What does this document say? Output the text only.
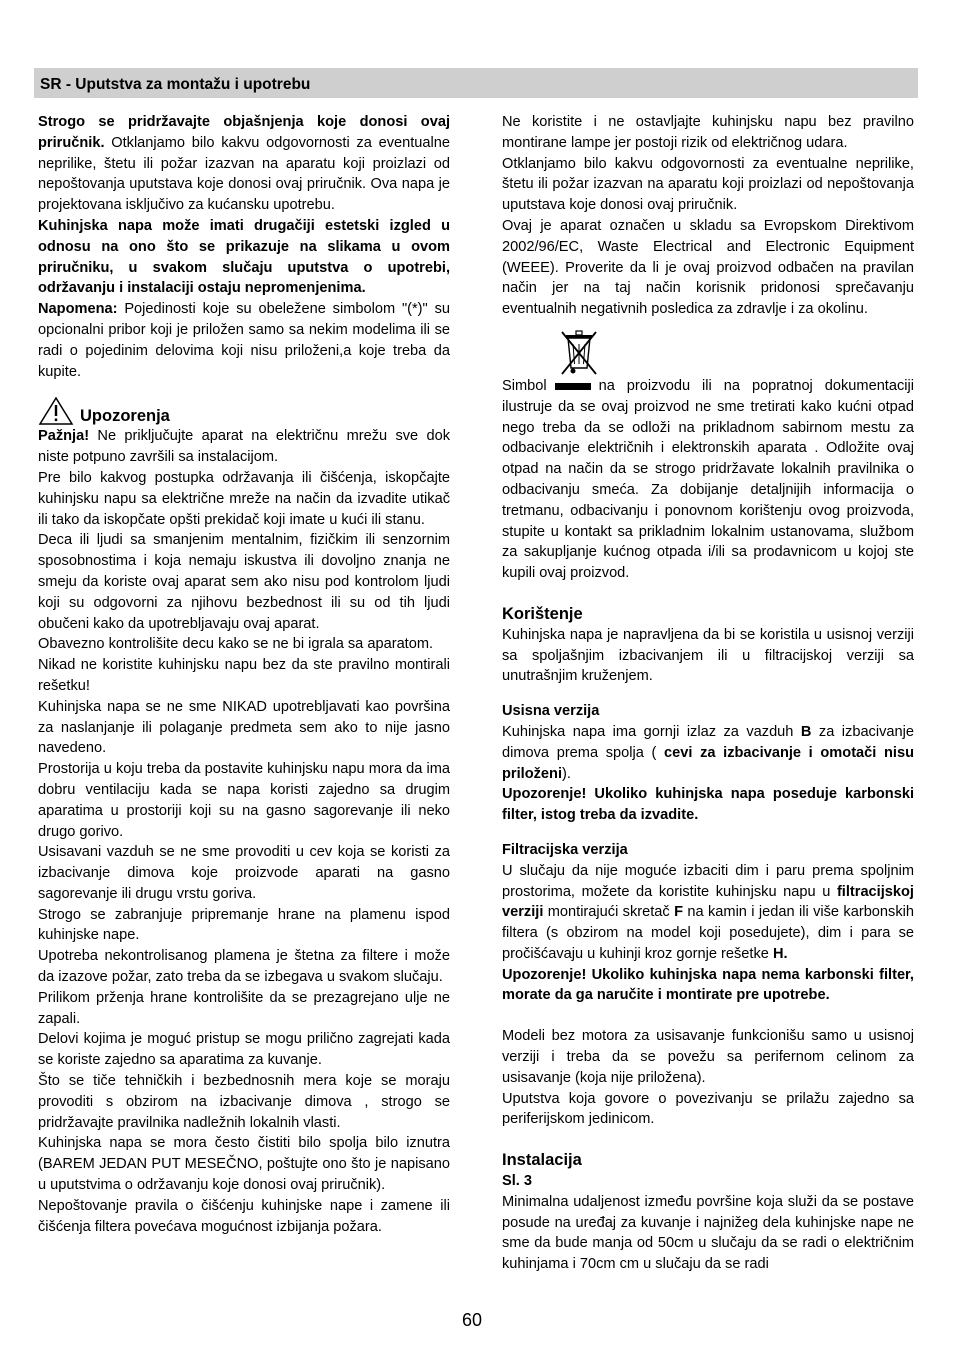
SR - Uputstva za montažu i upotrebu

Strogo se pridržavajte objašnjenja koje donosi ovaj priručnik. Otklanjamo bilo kakvu odgovornosti za eventualne neprilike, štetu ili požar izazvan na aparatu koji proizlazi od nepoštovanja uputstava koje donosi ovaj priručnik. Ova napa je projektovana isključivo za kućansku upotrebu.

Kuhinjska napa može imati drugačiji estetski izgled u odnosu na ono što se prikazuje na slikama u ovom priručniku, u svakom slučaju uputstva o upotrebi, održavanju i instalaciji ostaju nepromenjenima.

Napomena: Pojedinosti koje su obeležene simbolom "(*)" su opcionalni pribor koji je priložen samo sa nekim modelima ili se radi o pojedinim delovima koji nisu priloženi,a koje treba da kupite.

Upozorenja

Pažnja! Ne priključujte aparat na električnu mrežu sve dok niste potpuno završili sa instalacijom.

Pre bilo kakvog postupka održavanja ili čišćenja, iskopčajte kuhinjsku napu sa električne mreže na način da izvadite utikač ili tako da iskopčate opšti prekidač koji imate u kući ili stanu.

Deca ili ljudi sa smanjenim mentalnim, fizičkim ili senzornim sposobnostima i koja nemaju iskustva ili dovoljno znanja ne smeju da koriste ovaj aparat sem ako nisu pod kontrolom ljudi koji su odgovorni za njihovu bezbednost ili su od tih ljudi obučeni kako da upotrebljavaju ovaj aparat.

Obavezno kontrolišite decu kako se ne bi igrala sa aparatom.

Nikad ne koristite kuhinjsku napu bez da ste pravilno montirali rešetku!

Kuhinjska napa se ne sme NIKAD upotrebljavati kao površina za naslanjanje ili polaganje predmeta sem ako to nije jasno navedeno.

Prostorija u koju treba da postavite kuhinjsku napu mora da ima dobru ventilaciju kada se napa koristi zajedno sa drugim aparatima u prostoriji koji su na gasno sagorevanje ili neko drugo gorivo.

Usisavani vazduh se ne sme provoditi u cev koja se koristi za izbacivanje dimova koje proizvode aparati na gasno sagorevanje ili drugu vrstu goriva.

Strogo se zabranjuje pripremanje hrane na plamenu ispod kuhinjske nape.

Upotreba nekontrolisanog plamena je štetna za filtere i može da izazove požar, zato treba da se izbegava u svakom slučaju.

Prilikom prženja hrane kontrolišite da se prezagrejano ulje ne zapali.

Delovi kojima je moguć pristup se mogu prilično zagrejati kada se koriste zajedno sa aparatima za kuvanje.

Što se tiče tehničkih i bezbednosnih mera koje se moraju provoditi s obzirom na izbacivanje dimova , strogo se pridržavajte pravilnika nadležnih lokalnih vlasti.

Kuhinjska napa se mora često čistiti bilo spolja bilo iznutra (BAREM JEDAN PUT MESEČNO, poštujte ono što je napisano u uputstvima o održavanju koje donosi ovaj priručnik).

Nepoštovanje pravila o čišćenju kuhinjske nape i zamene ili čišćenja filtera povećava mogućnost izbijanja požara.

Ne koristite i ne ostavljajte kuhinjsku napu bez pravilno montirane lampe jer postoji rizik od električnog udara.

Otklanjamo bilo kakvu odgovornosti za eventualne neprilike, štetu ili požar izazvan na aparatu koji proizlazi od nepoštovanja uputstava koje donosi ovaj priručnik.

Ovaj je aparat označen u skladu sa Evropskom Direktivom 2002/96/EC, Waste Electrical and Electronic Equipment (WEEE). Proverite da li je ovaj proizvod odbačen na pravilan način jer na taj način korisnik pridonosi sprečavanju eventualnih negativnih posledica za zdravlje i za okolinu.

Simbol	na proizvodu ili na popratnoj dokumentaciji ilustruje da se ovaj proizvod ne sme tretirati kako kućni otpad nego treba da se odloži na prikladnom sabirnom mestu za odbacivanje električnih i elektronskih aparata . Odložite ovaj otpad na način da se strogo pridržavate lokalnih pravilnika o odbacivanju smeća. Za dobijanje detaljnijih informacija o tretmanu, odbacivanju i ponovnom korištenju ovog proizvoda, stupite u kontakt sa prikladnim lokalnim ustanovama, službom za sakupljanje kućnog otpada i/ili sa prodavnicom u kojoj ste kupili ovaj proizvod.

Korištenje

Kuhinjska napa je napravljena da bi se koristila u usisnoj verziji sa spoljašnjim izbacivanjem ili u filtracijskoj verziji sa unutrašnjim kruženjem.

Usisna verzija

Kuhinjska napa ima gornji izlaz za vazduh B za izbacivanje dimova prema spolja ( cevi za izbacivanje i omotači nisu priloženi).

Upozorenje! Ukoliko kuhinjska napa poseduje karbonski filter, istog treba da izvadite.

Filtracijska verzija

U slučaju da nije moguće izbaciti dim i paru prema spoljnim prostorima, možete da koristite kuhinjsku napu u filtracijskoj verziji montirajući skretač F na kamin i jedan ili više karbonskih filtera (s obzirom na model koji posedujete), dim i para se pročišćavaju u kuhinji kroz gornje rešetke H.

Upozorenje! Ukoliko kuhinjska napa nema karbonski filter, morate da ga naručite i montirate pre upotrebe.

Modeli bez motora za usisavanje funkcionišu samo u usisnoj verziji i treba da se povežu sa perifernom celinom za usisavanje (koja nije priložena).

Uputstva koja govore o povezivanju se prilažu zajedno sa periferijskom jedinicom.

Instalacija

Sl. 3

Minimalna udaljenost između površine koja služi da se postave posude na uređaj za kuvanje i najnižeg dela kuhinjske nape ne sme da bude manja od 50cm u slučaju da se radi o električnim kuhinjama i 70cm cm u slučaju da se radi

60
